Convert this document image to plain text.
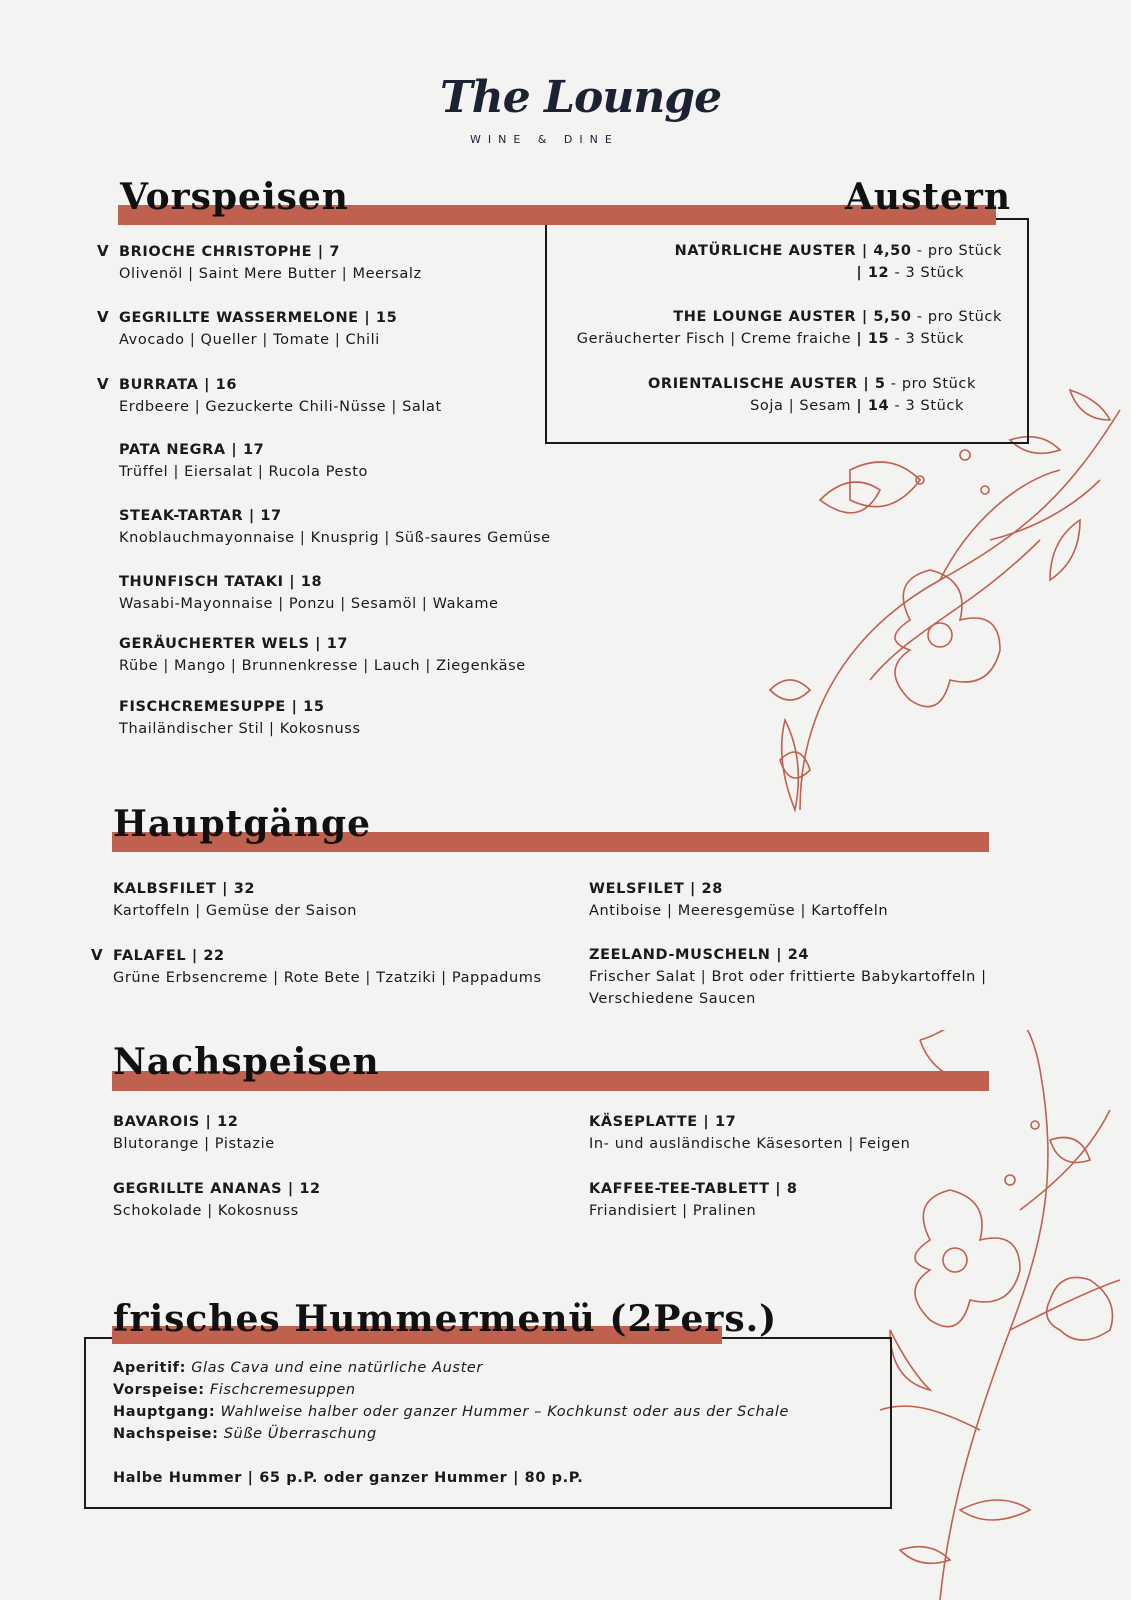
The Lounge
WINE & DINE
Vorspeisen	Austern
NATÜRLICHE AUSTER | 4,50 - pro Stück
| 12 - 3 Stück
THE LOUNGE AUSTER | 5,50 - pro Stück
Geräucherter Fisch | Creme fraiche | 15 - 3 Stück
ORIENTALISCHE AUSTER | 5 - pro Stück
Soja | Sesam | 14 - 3 Stück
V BRIOCHE CHRISTOPHE | 7
Olivenöl | Saint Mere Butter | Meersalz
V GEGRILLTE WASSERMELONE | 15
Avocado | Queller | Tomate | Chili
V BURRATA | 16
Erdbeere | Gezuckerte Chili-Nüsse | Salat
PATA NEGRA | 17
Trüffel | Eiersalat | Rucola Pesto
STEAK-TARTAR | 17
Knoblauchmayonnaise | Knusprig | Süß-saures Gemüse
THUNFISCH TATAKI | 18
Wasabi-Mayonnaise | Ponzu | Sesamöl | Wakame
GERÄUCHERTER WELS | 17
Rübe | Mango | Brunnenkresse | Lauch | Ziegenkäse
FISCHCREMESUPPE | 15
Thailändischer Stil | Kokosnuss
Hauptgänge
KALBSFILET | 32
Kartoffeln | Gemüse der Saison
V FALAFEL | 22
Grüne Erbsencreme | Rote Bete | Tzatziki | Pappadums
WELSFILET | 28
Antiboise | Meeresgemüse | Kartoffeln
ZEELAND-MUSCHELN | 24
Frischer Salat | Brot oder frittierte Babykartoffeln |
Verschiedene Saucen
Nachspeisen
BAVAROIS | 12
Blutorange | Pistazie
GEGRILLTE ANANAS | 12
Schokolade | Kokosnuss
KÄSEPLATTE | 17
In- und ausländische Käsesorten | Feigen
KAFFEE-TEE-TABLETT | 8
Friandisiert | Pralinen
frisches Hummermenü (2Pers.)
Aperitif: Glas Cava und eine natürliche Auster
Vorspeise: Fischcremesuppen
Hauptgang: Wahlweise halber oder ganzer Hummer – Kochkunst oder aus der Schale
Nachspeise: Süße Überraschung
Halbe Hummer | 65 p.P. oder ganzer Hummer | 80 p.P.
